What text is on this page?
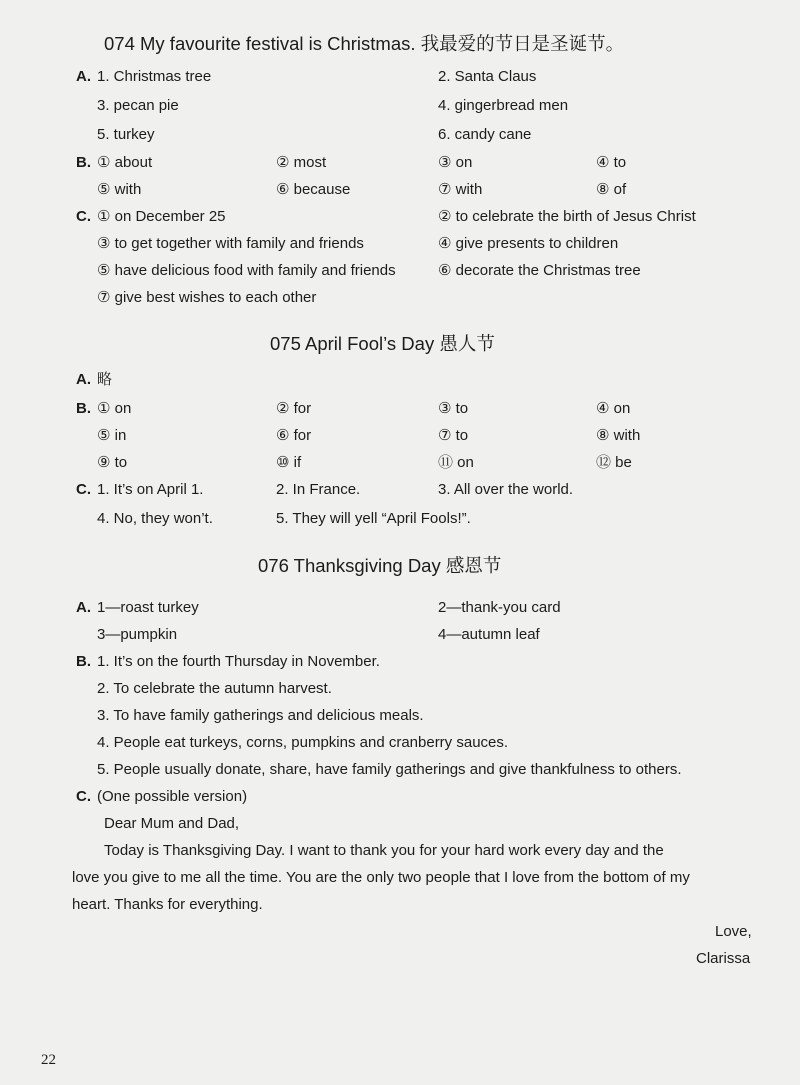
074 My favourite festival is Christmas. 我最爱的节日是圣诞节。
A. 1. Christmas tree	2. Santa Claus
3. pecan pie	4. gingerbread men
5. turkey	6. candy cane
B. ① about	② most	③ on	④ to
⑤ with	⑥ because	⑦ with	⑧ of
C. ① on December 25	② to celebrate the birth of Jesus Christ
③ to get together with family and friends	④ give presents to children
⑤ have delicious food with family and friends	⑥ decorate the Christmas tree
⑦ give best wishes to each other
075 April Fool’s Day 愚人节
A. 略
B. ① on	② for	③ to	④ on
⑤ in	⑥ for	⑦ to	⑧ with
⑨ to	⑩ if	⑪ on	⑫ be
C. 1. It’s on April 1.	2. In France.	3. All over the world.
4. No, they won’t.	5. They will yell “April Fools!”.
076 Thanksgiving Day 感恩节
A. 1—roast turkey	2—thank-you card
3—pumpkin	4—autumn leaf
B. 1. It’s on the fourth Thursday in November.
2. To celebrate the autumn harvest.
3. To have family gatherings and delicious meals.
4. People eat turkeys, corns, pumpkins and cranberry sauces.
5. People usually donate, share, have family gatherings and give thankfulness to others.
C. (One possible version)
Dear Mum and Dad,
Today is Thanksgiving Day. I want to thank you for your hard work every day and the
love you give to me all the time. You are the only two people that I love from the bottom of my
heart. Thanks for everything.
Love,
Clarissa
22
